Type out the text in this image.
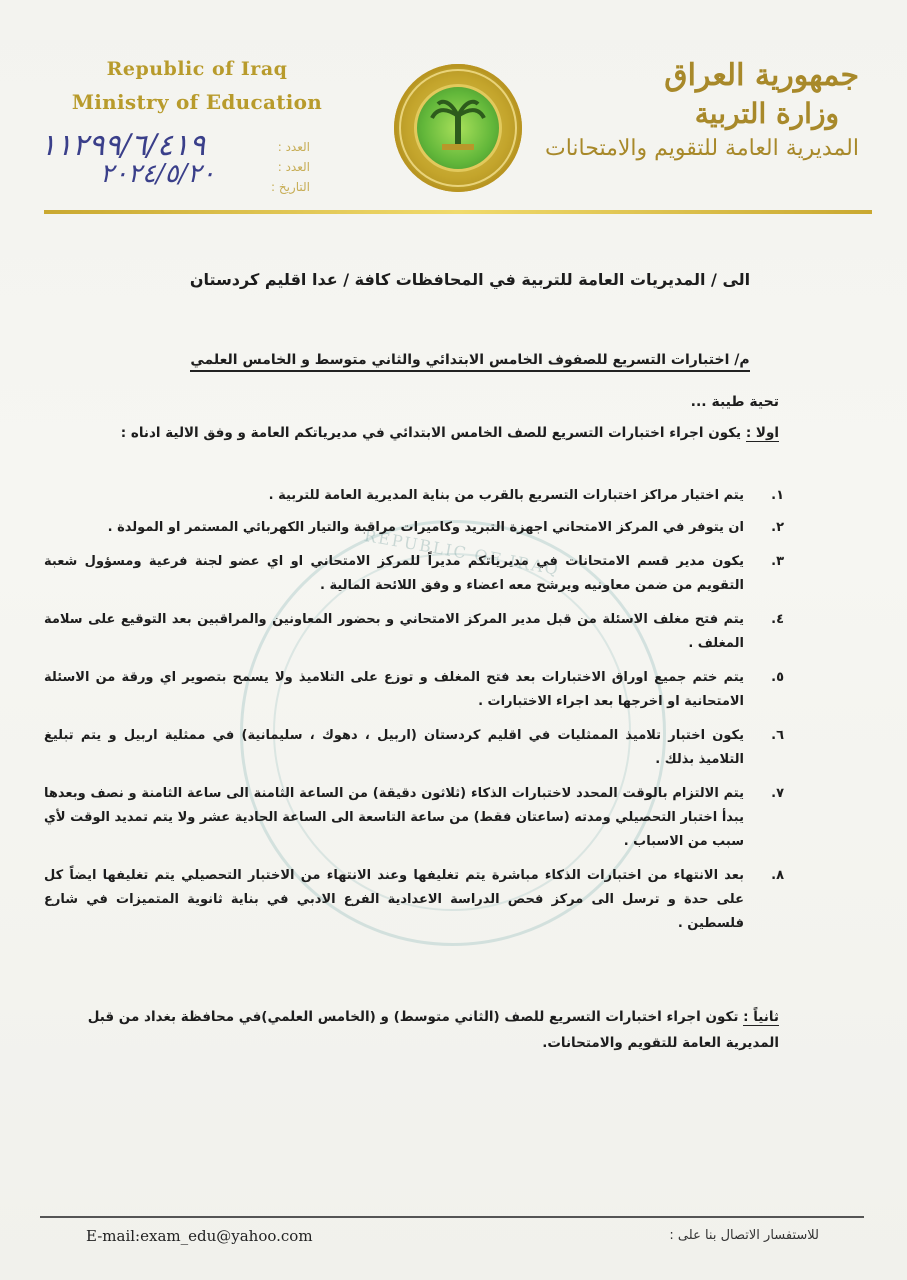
REPUBLIC OF IRAQ
Republic of Iraq
Ministry of Education
١١٢٩٩/٦/٤١٩
٢٠٢٤/٥/٢٠
العدد :
العدد :
التاريخ :
جمهورية العراق
وزارة التربية
المديرية العامة للتقويم والامتحانات
الى / المديريات العامة للتربية في المحافظات كافة / عدا اقليم كردستان
م/ اختبارات التسريع للصفوف الخامس الابتدائي والثاني متوسط و الخامس العلمي
تحية طيبة ...
اولا : يكون اجراء اختبارات التسريع للصف الخامس الابتدائي في مديرياتكم العامة و وفق الالية ادناه :
١.
يتم اختيار مراكز اختبارات التسريع بالقرب من بناية المديرية العامة للتربية .
٢.
ان يتوفر في المركز الامتحاني اجهزة التبريد وكاميرات مراقبة والتيار الكهربائي المستمر او المولدة .
٣.
يكون مدير قسم الامتحانات في مديرياتكم مديراً للمركز الامتحاني او اي عضو لجنة فرعية ومسؤول شعبة التقويم من ضمن معاونيه ويرشح معه اعضاء و وفق اللائحة المالية .
٤.
يتم فتح مغلف الاسئلة من قبل مدير المركز الامتحاني و بحضور المعاونين والمراقبين بعد التوقيع على سلامة المغلف .
٥.
يتم ختم جميع اوراق الاختبارات بعد فتح المغلف و توزع على التلاميذ ولا يسمح بتصوير اي ورقة من الاسئلة الامتحانية او اخرجها بعد اجراء الاختبارات .
٦.
يكون اختبار تلاميذ الممثليات في اقليم كردستان (اربيل ، دهوك ، سليمانية) في ممثلية اربيل و يتم تبليغ التلاميذ بذلك .
٧.
يتم الالتزام بالوقت المحدد لاختبارات الذكاء (ثلاثون دقيقة) من الساعة الثامنة الى ساعة الثامنة و نصف وبعدها يبدأ اختبار التحصيلي ومدته (ساعتان فقط) من ساعة التاسعة الى الساعة الحادية عشر ولا يتم تمديد الوقت لأي سبب من الاسباب .
٨.
بعد الانتهاء من اختبارات الذكاء مباشرة يتم تغليفها وعند الانتهاء من الاختبار التحصيلي يتم تغليفها ايضاً كل على حدة و ترسل الى مركز فحص الدراسة الاعدادية الفرع الادبي في بناية ثانوية المتميزات في شارع فلسطين .
ثانياً : تكون اجراء اختبارات التسريع للصف (الثاني متوسط) و (الخامس العلمي)في محافظة بغداد من قبل المديرية العامة للتقويم والامتحانات.
E-mail:exam_edu@yahoo.com	للاستفسار الاتصال بنا على :
